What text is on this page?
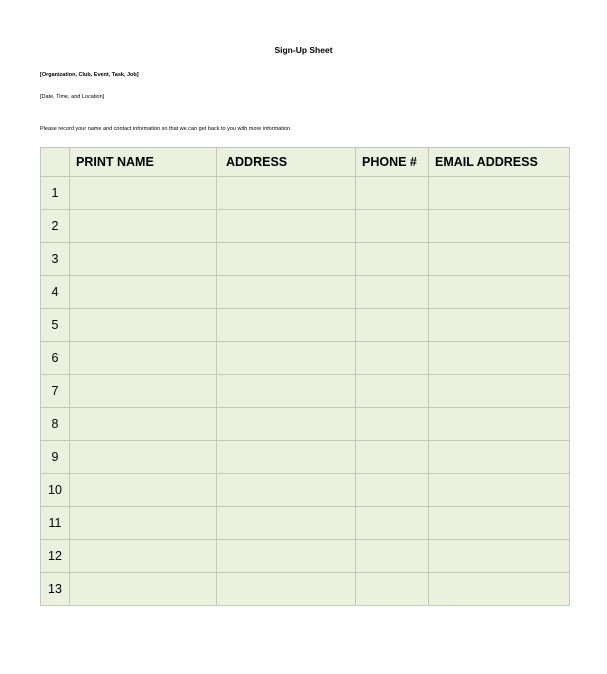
Sign-Up Sheet
[Organization, Club, Event, Task, Job]
[Date, Time, and Location]
Please record your name and contact information so that we can get back to you with more information.
	PRINT NAME	ADDRESS	PHONE #	EMAIL ADDRESS
1				
2				
3				
4				
5				
6				
7				
8				
9				
10				
11				
12				
13				
